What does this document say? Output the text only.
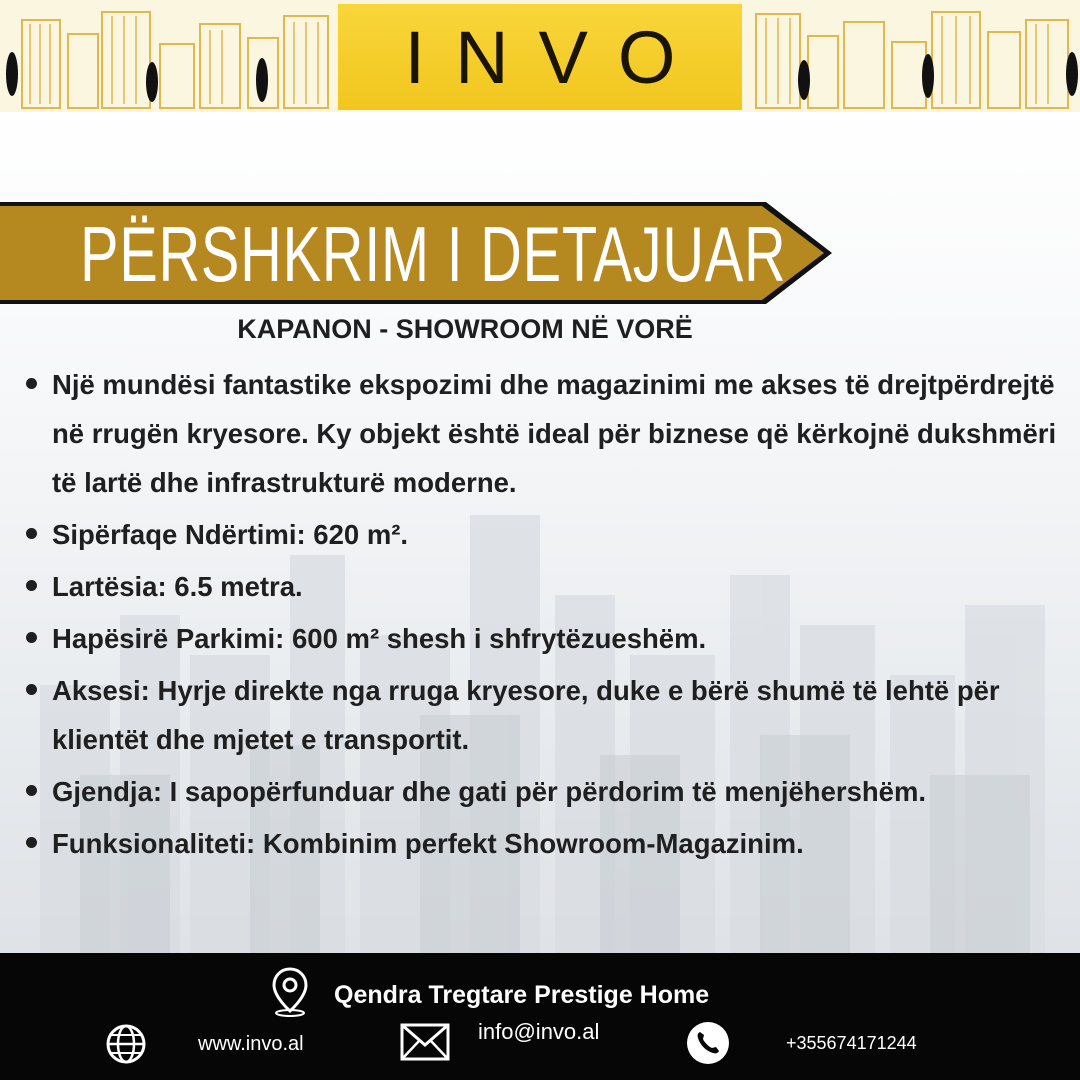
INVO
PËRSHKRIM I DETAJUAR
KAPANON - SHOWROOM NË VORË
Një mundësi fantastike ekspozimi dhe magazinimi me akses të drejtpërdrejtë në rrugën kryesore. Ky objekt është ideal për biznese që kërkojnë dukshmëri të lartë dhe infrastrukturë moderne.
Sipërfaqe Ndërtimi: 620 m².
Lartësia: 6.5 metra.
Hapësirë Parkimi: 600 m² shesh i shfrytëzueshëm.
Aksesi: Hyrje direkte nga rruga kryesore, duke e bërë shumë të lehtë për klientët dhe mjetet e transportit.
Gjendja: I sapopërfunduar dhe gati për përdorim të menjëhershëm.
Funksionaliteti: Kombinim perfekt Showroom-Magazinim.
Qendra Tregtare Prestige Home
www.invo.al	info@invo.al	+355674171244
